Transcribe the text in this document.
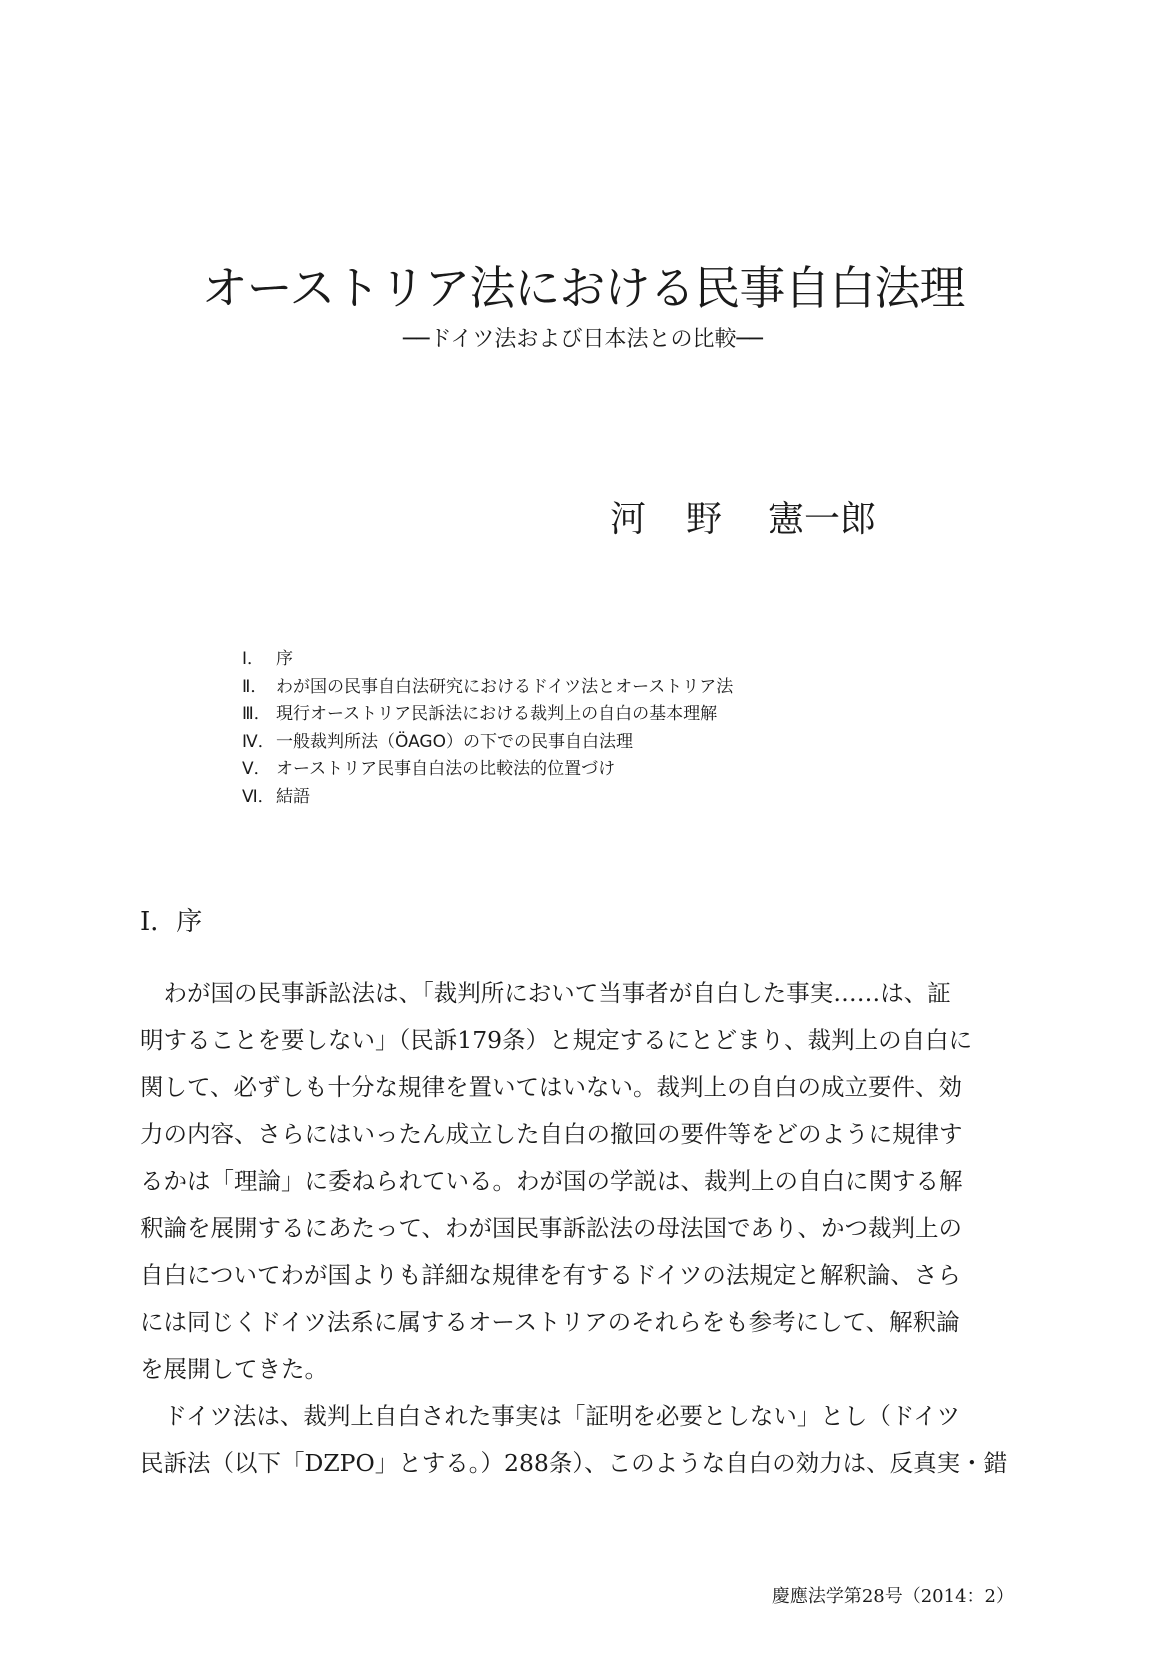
オーストリア法における民事自白法理
──ドイツ法および日本法との比較──
河 野 憲一郎
Ⅰ． 序
Ⅱ． わが国の民事自白法研究におけるドイツ法とオーストリア法
Ⅲ． 現行オーストリア民訴法における裁判上の自白の基本理解
Ⅳ．一般裁判所法（ÖAGO）の下での民事自白法理
Ⅴ． オーストリア民事自白法の比較法的位置づけ
Ⅵ．結語
Ⅰ．序
　わが国の民事訴訟法は、「裁判所において当事者が自白した事実……は、証
明することを要しない」（民訴179条）と規定するにとどまり、裁判上の自白に
関して、必ずしも十分な規律を置いてはいない。裁判上の自白の成立要件、効
力の内容、さらにはいったん成立した自白の撤回の要件等をどのように規律す
るかは「理論」に委ねられている。わが国の学説は、裁判上の自白に関する解
釈論を展開するにあたって、わが国民事訴訟法の母法国であり、かつ裁判上の
自白についてわが国よりも詳細な規律を有するドイツの法規定と解釈論、さら
には同じくドイツ法系に属するオーストリアのそれらをも参考にして、解釈論
を展開してきた。
　ドイツ法は、裁判上自白された事実は「証明を必要としない」とし（ドイツ
民訴法（以下「DZPO」とする。）288条）、このような自白の効力は、反真実・錯
慶應法学第28号（2014：2）
